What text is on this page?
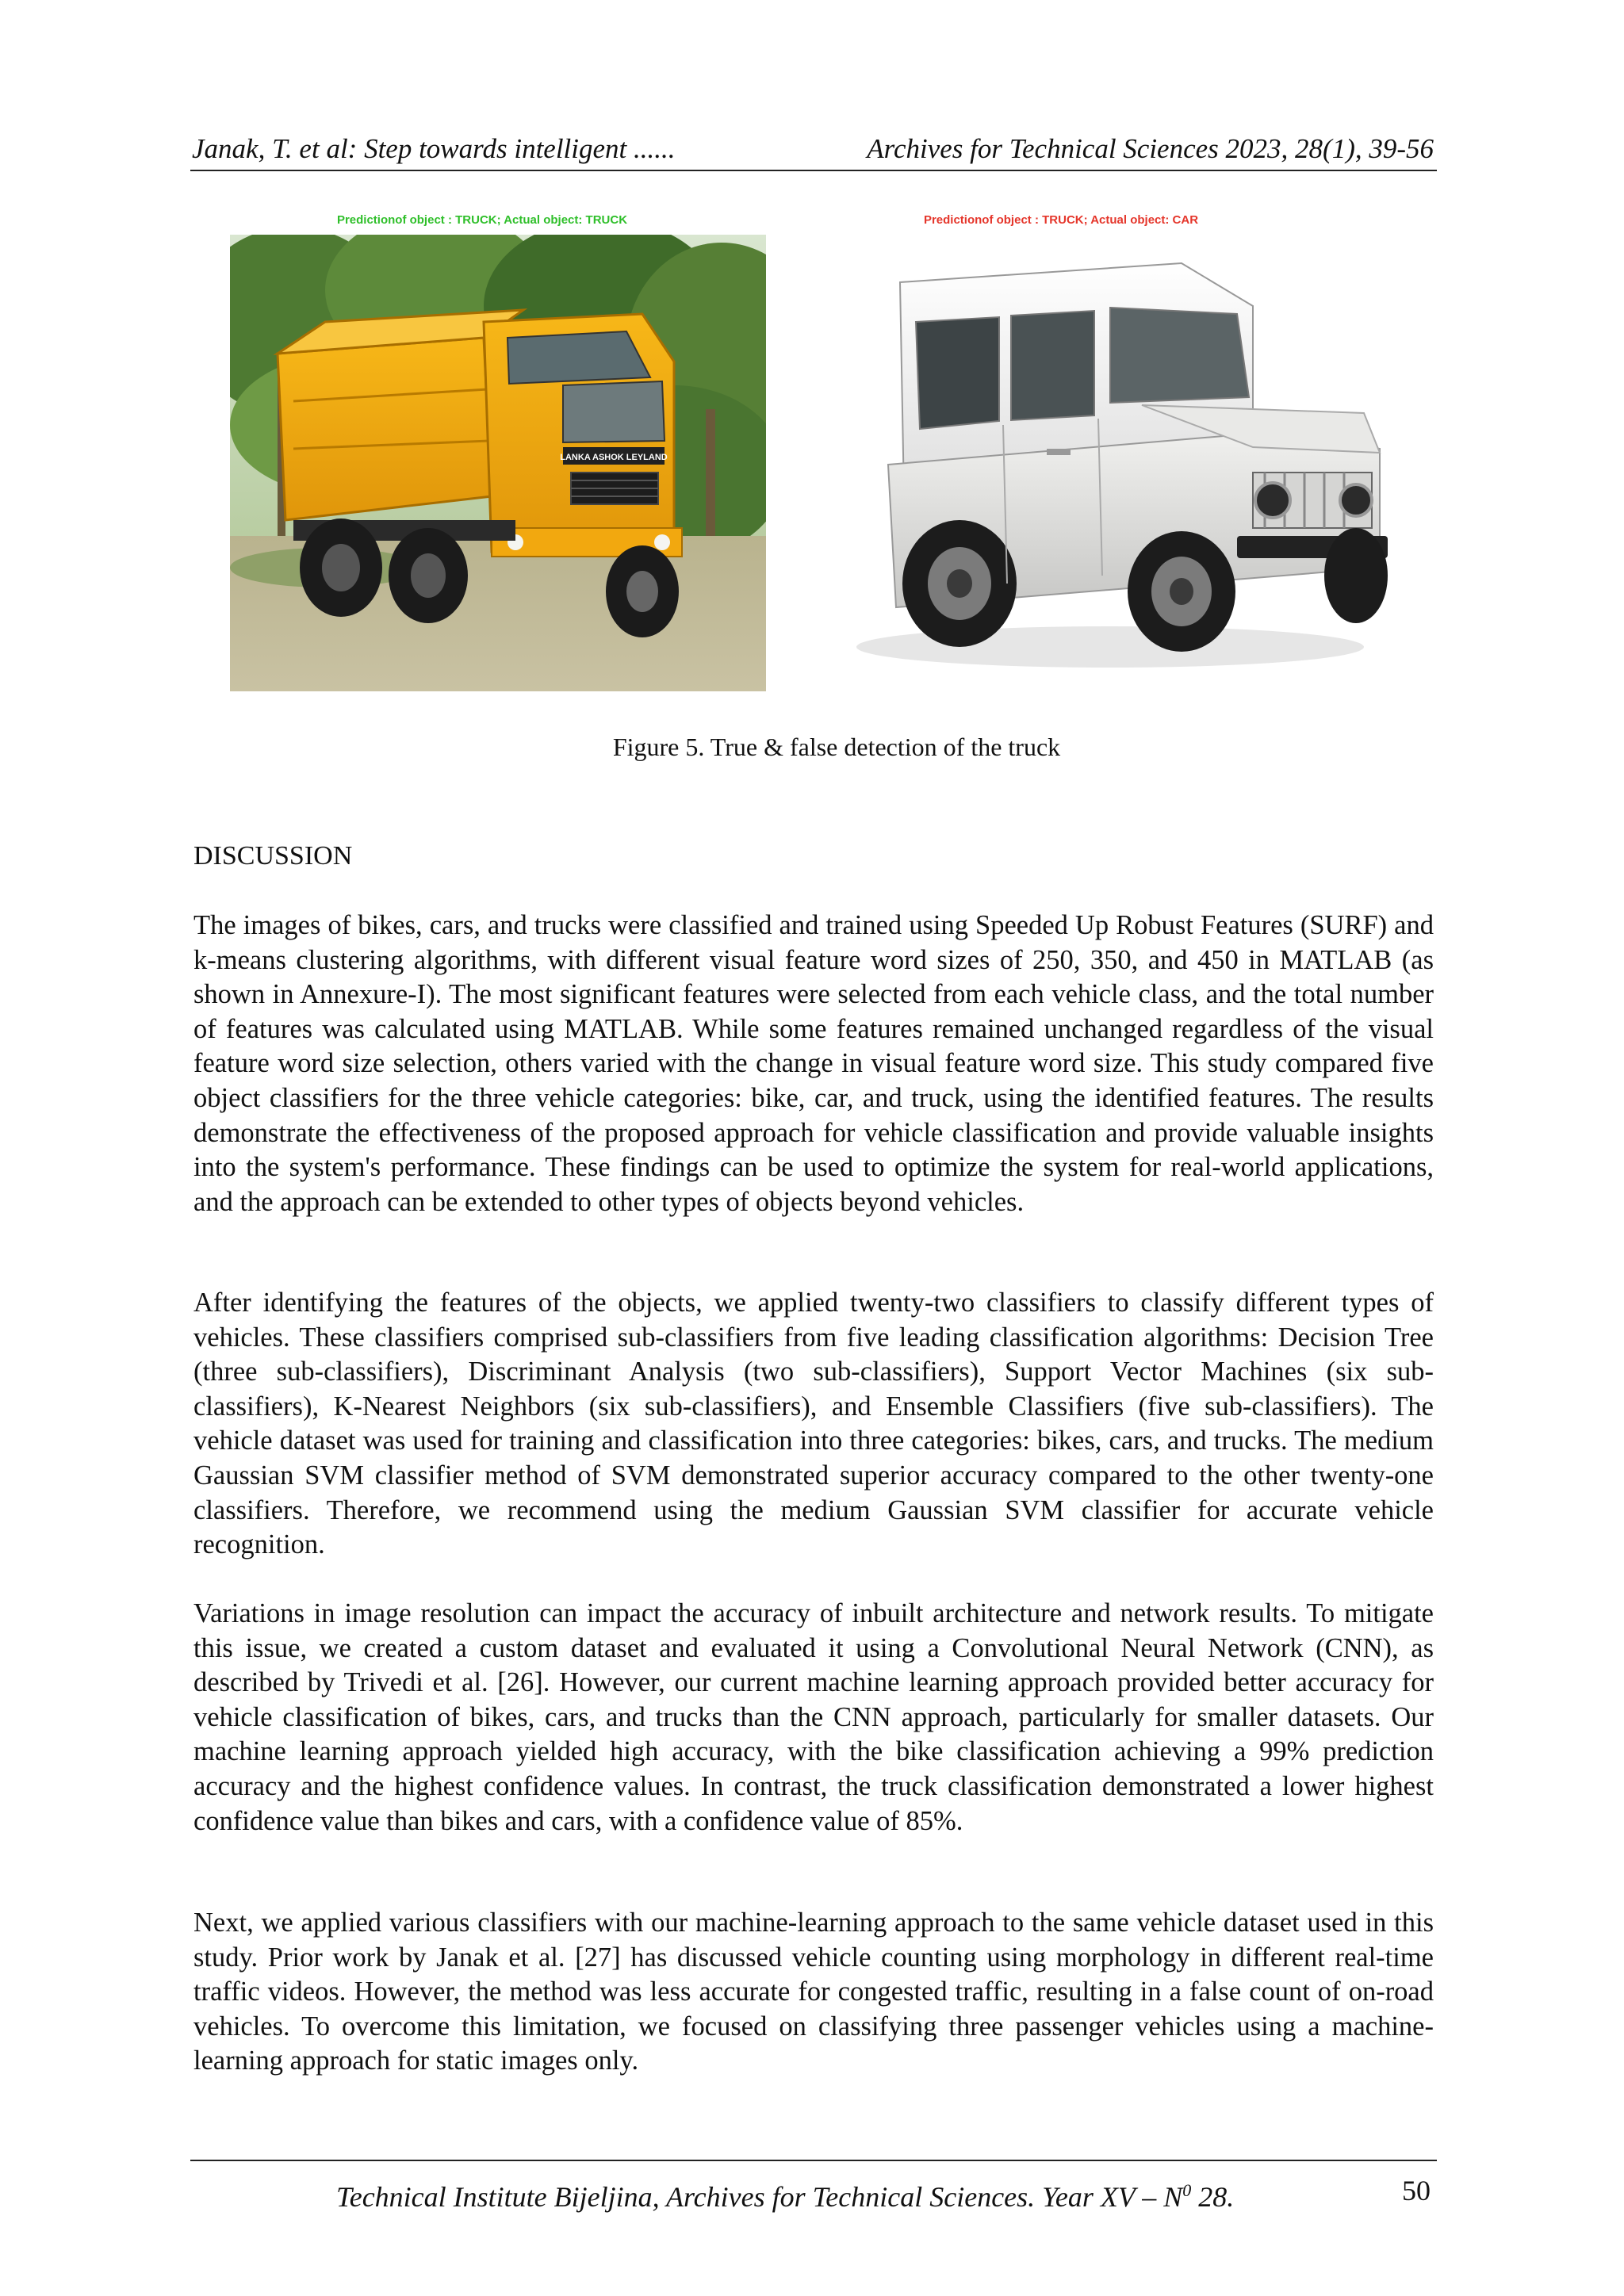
Janak, T. et al: Step towards intelligent ......	Archives for Technical Sciences 2023, 28(1), 39-56
Predictionof object : TRUCK; Actual object: TRUCK
LANKA ASHOK LEYLAND
Predictionof object : TRUCK; Actual object: CAR
Figure 5. True & false detection of the truck
DISCUSSION

The images of bikes, cars, and trucks were classified and trained using Speeded Up Robust Features (SURF) and k-means clustering algorithms, with different visual feature word sizes of 250, 350, and 450 in MATLAB (as shown in Annexure-I). The most significant features were selected from each vehicle class, and the total number of features was calculated using MATLAB. While some features remained unchanged regardless of the visual feature word size selection, others varied with the change in visual feature word size. This study compared five object classifiers for the three vehicle categories: bike, car, and truck, using the identified features. The results demonstrate the effectiveness of the proposed approach for vehicle classification and provide valuable insights into the system's performance. These findings can be used to optimize the system for real-world applications, and the approach can be extended to other types of objects beyond vehicles.

After identifying the features of the objects, we applied twenty-two classifiers to classify different types of vehicles. These classifiers comprised sub-classifiers from five leading classification algorithms: Decision Tree (three sub-classifiers), Discriminant Analysis (two sub-classifiers), Support Vector Machines (six sub-classifiers), K-Nearest Neighbors (six sub-classifiers), and Ensemble Classifiers (five sub-classifiers). The vehicle dataset was used for training and classification into three categories: bikes, cars, and trucks. The medium Gaussian SVM classifier method of SVM demonstrated superior accuracy compared to the other twenty-one classifiers. Therefore, we recommend using the medium Gaussian SVM classifier for accurate vehicle recognition.

Variations in image resolution can impact the accuracy of inbuilt architecture and network results. To mitigate this issue, we created a custom dataset and evaluated it using a Convolutional Neural Network (CNN), as described by Trivedi et al. [26]. However, our current machine learning approach provided better accuracy for vehicle classification of bikes, cars, and trucks than the CNN approach, particularly for smaller datasets. Our machine learning approach yielded high accuracy, with the bike classification achieving a 99% prediction accuracy and the highest confidence values. In contrast, the truck classification demonstrated a lower highest confidence value than bikes and cars, with a confidence value of 85%.

Next, we applied various classifiers with our machine-learning approach to the same vehicle dataset used in this study. Prior work by Janak et al. [27] has discussed vehicle counting using morphology in different real-time traffic videos. However, the method was less accurate for congested traffic, resulting in a false count of on-road vehicles. To overcome this limitation, we focused on classifying three passenger vehicles using a machine-learning approach for static images only.

Technical Institute Bijeljina, Archives for Technical Sciences. Year XV – $N^0$ 28.	50
